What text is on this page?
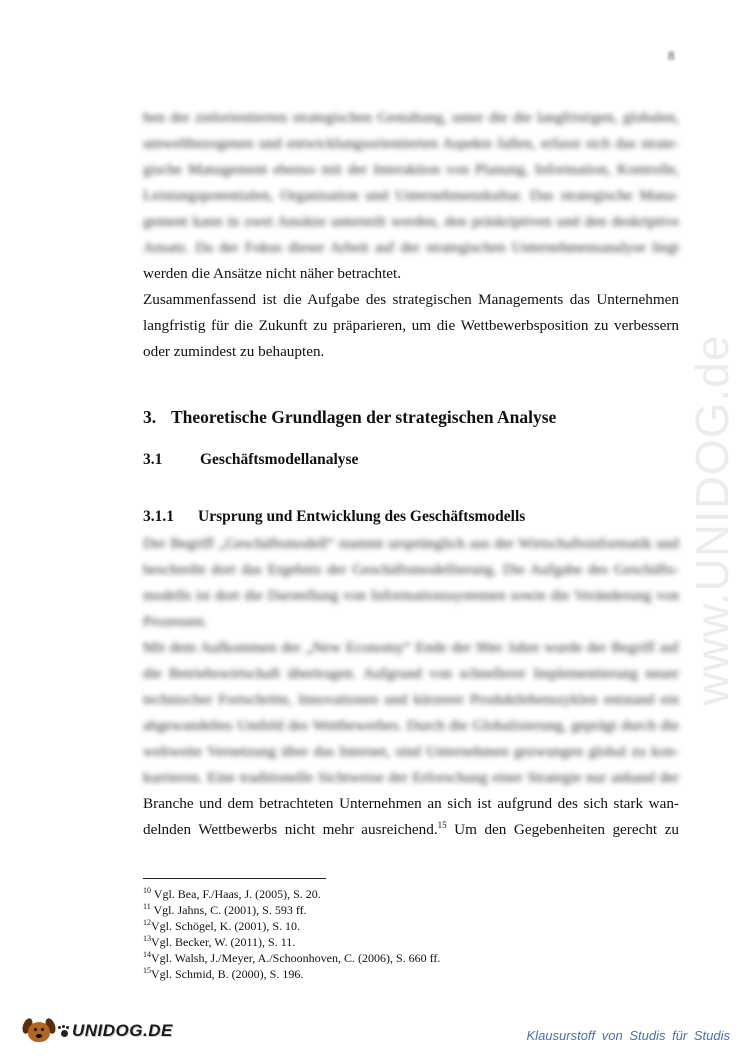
8
hen der zielorientierten strategischen Gestaltung, unter die die langfristigen, globalen,
umweltbezogenen und entwicklungsorientierten Aspekte fallen, erfasst sich das strate-
gische Management ebenso mit der Interaktion von Planung, Information, Kontrolle,
Leistungspotentialen, Organisation und Unternehmenskultur. Das strategische Mana-
gement kann in zwei Ansätze unterteilt werden, den präskriptiven und den deskriptive
Ansatz. Da der Fokus dieser Arbeit auf der strategischen Unternehmensanalyse liegt
werden die Ansätze nicht näher betrachtet.
Zusammenfassend ist die Aufgabe des strategischen Managements das Unternehmen
langfristig für die Zukunft zu präparieren, um die Wettbewerbsposition zu verbessern
oder zumindest zu behaupten.
3. Theoretische Grundlagen der strategischen Analyse
3.1 Geschäftsmodellanalyse
3.1.1 Ursprung und Entwicklung des Geschäftsmodells
Der Begriff „Geschäftsmodell“ stammt ursprünglich aus der Wirtschaftsinformatik und
beschreibt dort das Ergebnis der Geschäftsmodellierung. Die Aufgabe des Geschäfts-
modells ist dort die Darstellung von Informationssystemen sowie die Veränderung von
Prozessen.
Mit dem Aufkommen der „New Economy“ Ende der 90er Jahre wurde der Begriff auf
die Betriebswirtschaft übertragen. Aufgrund von schnellerer Implementierung neuer
technischer Fortschritte, Innovationen und kürzerer Produktlebenszyklen entstand ein
abgewandeltes Umfeld des Wettbewerbes. Durch die Globalisierung, geprägt durch die
weltweite Vernetzung über das Internet, sind Unternehmen gezwungen global zu kon-
kurrieren. Eine traditionelle Sichtweise der Erforschung einer Strategie nur anhand der
Branche und dem betrachteten Unternehmen an sich ist aufgrund des sich stark wan-
delnden Wettbewerbs nicht mehr ausreichend.$^{15}$ Um den Gegebenheiten gerecht zu
$^{10}$ Vgl. Bea, F./Haas, J. (2005), S. 20.
$^{11}$ Vgl. Jahns, C. (2001), S. 593 ff.
$^{12}$Vgl. Schögel, K. (2001), S. 10.
$^{13}$Vgl. Becker, W. (2011), S. 11.
$^{14}$Vgl. Walsh, J./Meyer, A./Schoonhoven, C. (2006), S. 660 ff.
$^{15}$Vgl. Schmid, B. (2000), S. 196.
www.UNIDOG.de
UNIDOG.DE	Klausurstoff von Studis für Studis
